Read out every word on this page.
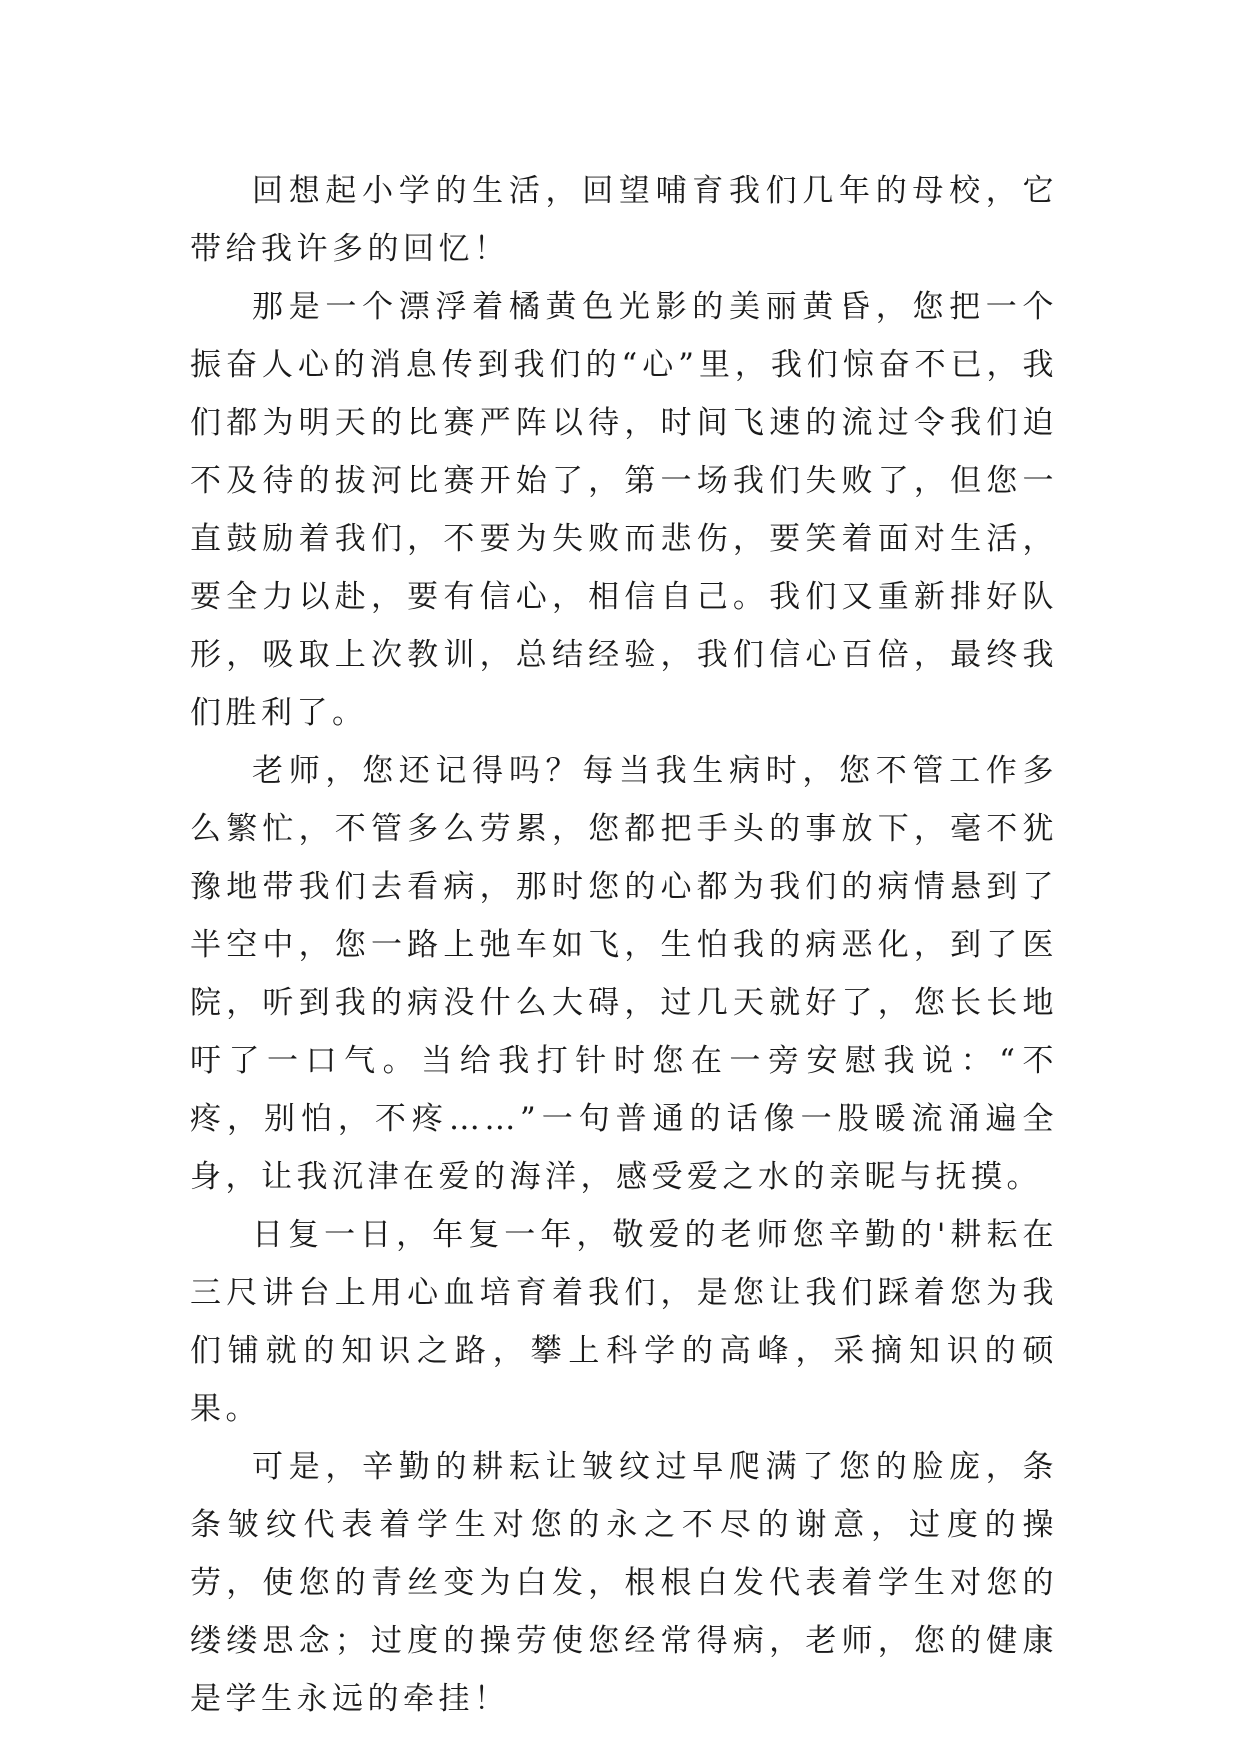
回想起小学的生活，回望哺育我们几年的母校，它带给我许多的回忆！

那是一个漂浮着橘黄色光影的美丽黄昏，您把一个振奋人心的消息传到我们的“心”里，我们惊奋不已，我们都为明天的比赛严阵以待，时间飞速的流过令我们迫不及待的拔河比赛开始了，第一场我们失败了，但您一直鼓励着我们，不要为失败而悲伤，要笑着面对生活，要全力以赴，要有信心，相信自己。我们又重新排好队形，吸取上次教训，总结经验，我们信心百倍，最终我们胜利了。

老师，您还记得吗？每当我生病时，您不管工作多么繁忙，不管多么劳累，您都把手头的事放下，毫不犹豫地带我们去看病，那时您的心都为我们的病情悬到了半空中，您一路上弛车如飞，生怕我的病恶化，到了医院，听到我的病没什么大碍，过几天就好了，您长长地吁了一口气。当给我打针时您在一旁安慰我说：“不疼，别怕，不疼……”一句普通的话像一股暖流涌遍全身，让我沉津在爱的海洋，感受爱之水的亲昵与抚摸。

日复一日，年复一年，敬爱的老师您辛勤的'耕耘在三尺讲台上用心血培育着我们，是您让我们踩着您为我们铺就的知识之路，攀上科学的高峰，采摘知识的硕果。

可是，辛勤的耕耘让皱纹过早爬满了您的脸庞，条条皱纹代表着学生对您的永之不尽的谢意，过度的操劳，使您的青丝变为白发，根根白发代表着学生对您的缕缕思念；过度的操劳使您经常得病，老师，您的健康是学生永远的牵挂！
